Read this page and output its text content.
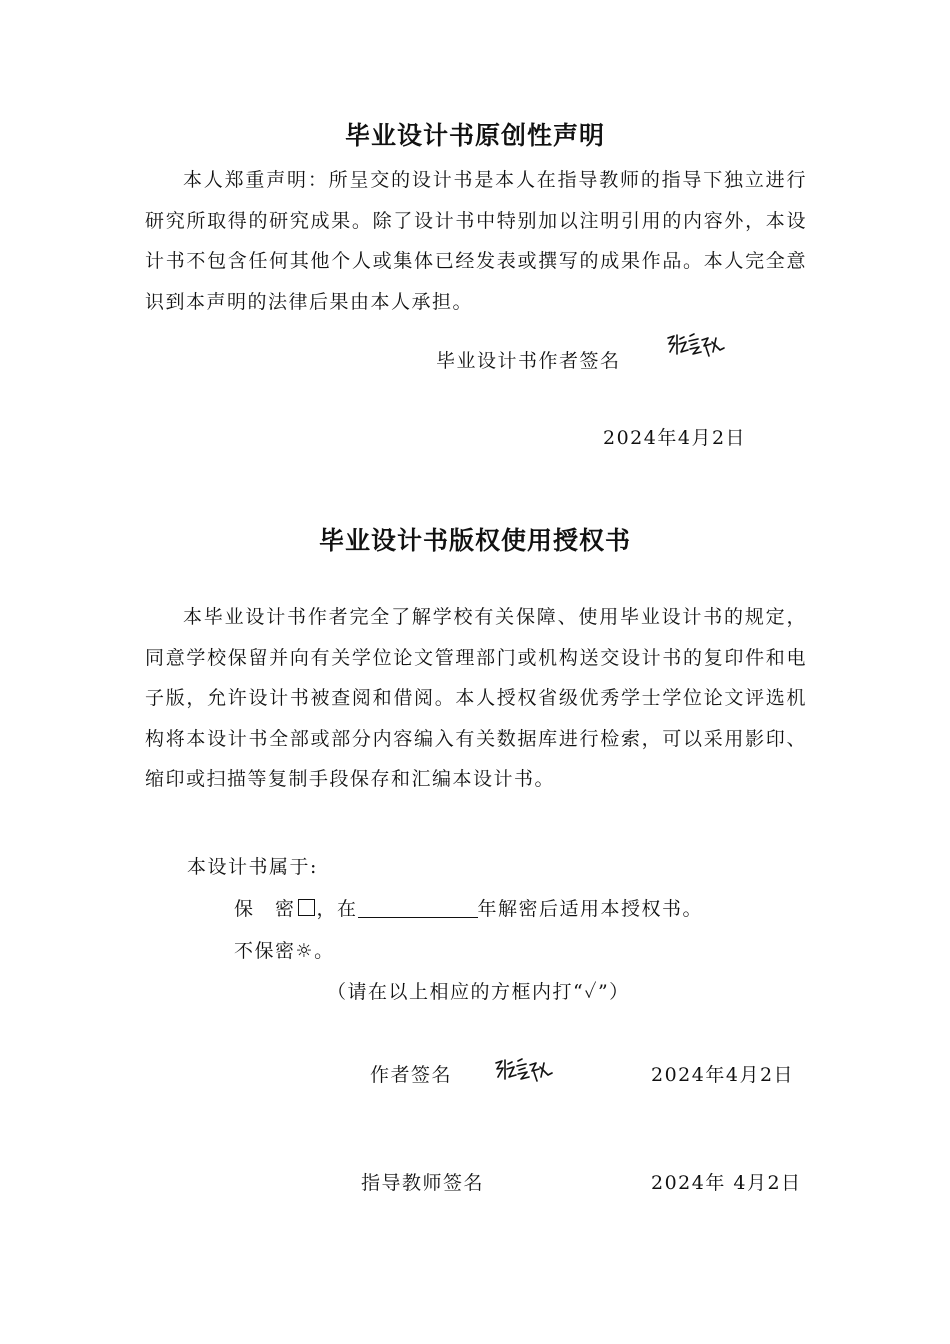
毕业设计书原创性声明
本人郑重声明：所呈交的设计书是本人在指导教师的指导下独立进行研究所取得的研究成果。除了设计书中特别加以注明引用的内容外，本设计书不包含任何其他个人或集体已经发表或撰写的成果作品。本人完全意识到本声明的法律后果由本人承担。
毕业设计书作者签名
2024年4月2日
毕业设计书版权使用授权书
本毕业设计书作者完全了解学校有关保障、使用毕业设计书的规定，同意学校保留并向有关学位论文管理部门或机构送交设计书的复印件和电子版，允许设计书被查阅和借阅。本人授权省级优秀学士学位论文评选机构将本设计书全部或部分内容编入有关数据库进行检索，可以采用影印、缩印或扫描等复制手段保存和汇编本设计书。
本设计书属于:
保　密 ，在	年解密后适用本授权书。
不保密☼。
（请在以上相应的方框内打“✓”）
作者签名	2024年4月2日
指导教师签名	2024年 4月2日
